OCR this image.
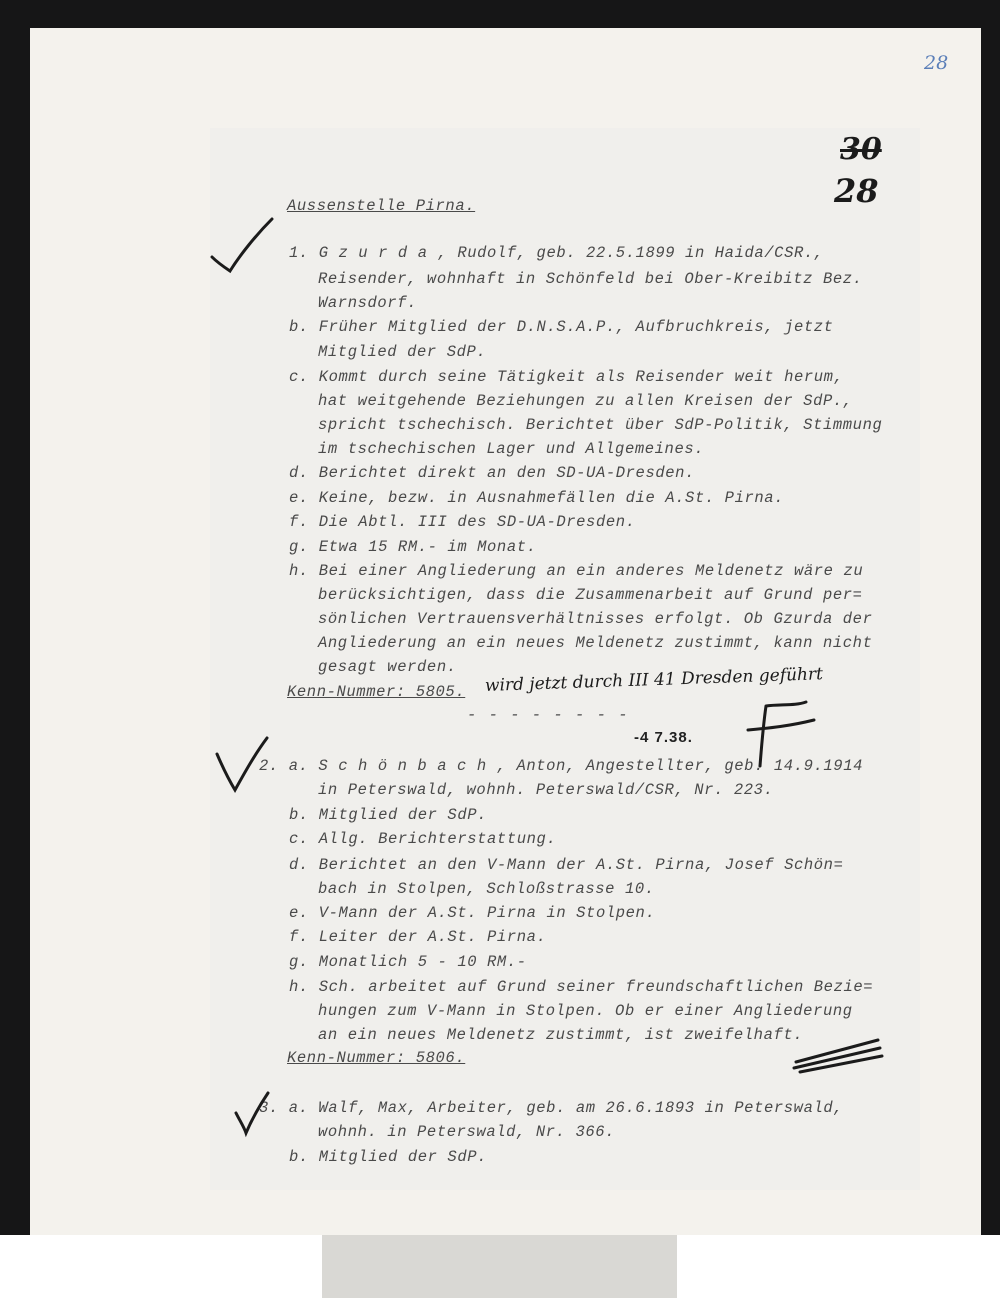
28
30
28
Aussenstelle Pirna.
1. G z u r d a , Rudolf, geb. 22.5.1899 in Haida/CSR.,
Reisender, wohnhaft in Schönfeld bei Ober-Kreibitz Bez.
Warnsdorf.
b. Früher Mitglied der D.N.S.A.P., Aufbruchkreis, jetzt
Mitglied der SdP.
c. Kommt durch seine Tätigkeit als Reisender weit herum,
hat weitgehende Beziehungen zu allen Kreisen der SdP.,
spricht tschechisch. Berichtet über SdP-Politik, Stimmung
im tschechischen Lager und Allgemeines.
d. Berichtet direkt an den SD-UA-Dresden.
e. Keine, bezw. in Ausnahmefällen die A.St. Pirna.
f. Die Abtl. III des SD-UA-Dresden.
g. Etwa 15 RM.- im Monat.
h. Bei einer Angliederung an ein anderes Meldenetz wäre zu
berücksichtigen, dass die Zusammenarbeit auf Grund per=
sönlichen Vertrauensverhältnisses erfolgt. Ob Gzurda der
Angliederung an ein neues Meldenetz zustimmt, kann nicht
gesagt werden.
Kenn-Nummer: 5805. wird jetzt durch III 41 Dresden geführt
- - - - - - - -
-4 7.38.
2. a. S c h ö n b a c h , Anton, Angestellter, geb. 14.9.1914
in Peterswald, wohnh. Peterswald/CSR, Nr. 223.
b. Mitglied der SdP.
c. Allg. Berichterstattung.
d. Berichtet an den V-Mann der A.St. Pirna, Josef Schön=
bach in Stolpen, Schloßstrasse 10.
e. V-Mann der A.St. Pirna in Stolpen.
f. Leiter der A.St. Pirna.
g. Monatlich 5 - 10 RM.-
h. Sch. arbeitet auf Grund seiner freundschaftlichen Bezie=
hungen zum V-Mann in Stolpen. Ob er einer Angliederung
an ein neues Meldenetz zustimmt, ist zweifelhaft.
Kenn-Nummer: 5806.
3. a. Walf, Max, Arbeiter, geb. am 26.6.1893 in Peterswald,
wohnh. in Peterswald, Nr. 366.
b. Mitglied der SdP.
